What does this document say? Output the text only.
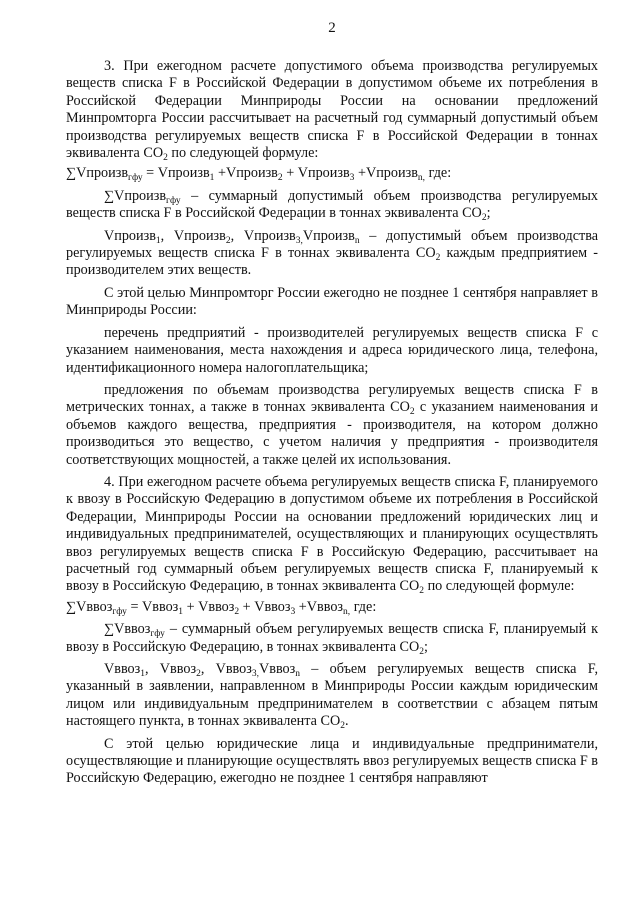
2

3. При ежегодном расчете допустимого объема производства регулируемых веществ списка F в Российской Федерации в допустимом объеме их потребления в Российской Федерации Минприроды России на основании предложений Минпромторга России рассчитывает на расчетный год суммарный допустимый объем производства регулируемых веществ списка F в Российской Федерации в тоннах эквивалента $CO_2$ по следующей формуле:

∑Vпроизв$_{гфу}$ = Vпроизв$_1$ +Vпроизв$_2$ + Vпроизв$_3$ +Vпроизв$_{n,}$ где:

∑Vпроизв$_{гфу}$ – суммарный допустимый объем производства регулируемых веществ списка F в Российской Федерации в тоннах эквивалента $CO_2$;

Vпроизв$_1$, Vпроизв$_2$, Vпроизв$_{3,}$Vпроизв$_n$ – допустимый объем производства регулируемых веществ списка F в тоннах эквивалента $CO_2$ каждым предприятием - производителем этих веществ.

С этой целью Минпромторг России ежегодно не позднее 1 сентября направляет в Минприроды России:

перечень предприятий - производителей регулируемых веществ списка F с указанием наименования, места нахождения и адреса юридического лица, телефона, идентификационного номера налогоплательщика;

предложения по объемам производства регулируемых веществ списка F в метрических тоннах, а также в тоннах эквивалента $CO_2$ с указанием наименования и объемов каждого вещества, предприятия - производителя, на котором должно производиться это вещество, с учетом наличия у предприятия - производителя соответствующих мощностей, а также целей их использования.

4. При ежегодном расчете объема регулируемых веществ списка F, планируемого к ввозу в Российскую Федерацию в допустимом объеме их потребления в Российской Федерации, Минприроды России на основании предложений юридических лиц и индивидуальных предпринимателей, осуществляющих и планирующих осуществлять ввоз регулируемых веществ списка F в Российскую Федерацию, рассчитывает на расчетный год суммарный объем регулируемых веществ списка F, планируемый к ввозу в Российскую Федерацию, в тоннах эквивалента $CO_2$ по следующей формуле:

∑Vввоз$_{гфу}$ = Vввоз$_1$ + Vввоз$_2$ + Vввоз$_3$ +Vввоз$_{n,}$ где:

∑Vввоз$_{гфу}$ – суммарный объем регулируемых веществ списка F, планируемый к ввозу в Российскую Федерацию, в тоннах эквивалента $CO_2$;

Vввоз$_1$, Vввоз$_2$, Vввоз$_{3,}$Vввоз$_n$ – объем регулируемых веществ списка F, указанный в заявлении, направленном в Минприроды России каждым юридическим лицом или индивидуальным предпринимателем в соответствии с абзацем пятым настоящего пункта, в тоннах эквивалента $CO_2$.

С этой целью юридические лица и индивидуальные предприниматели, осуществляющие и планирующие осуществлять ввоз регулируемых веществ списка F в Российскую Федерацию, ежегодно не позднее 1 сентября направляют
